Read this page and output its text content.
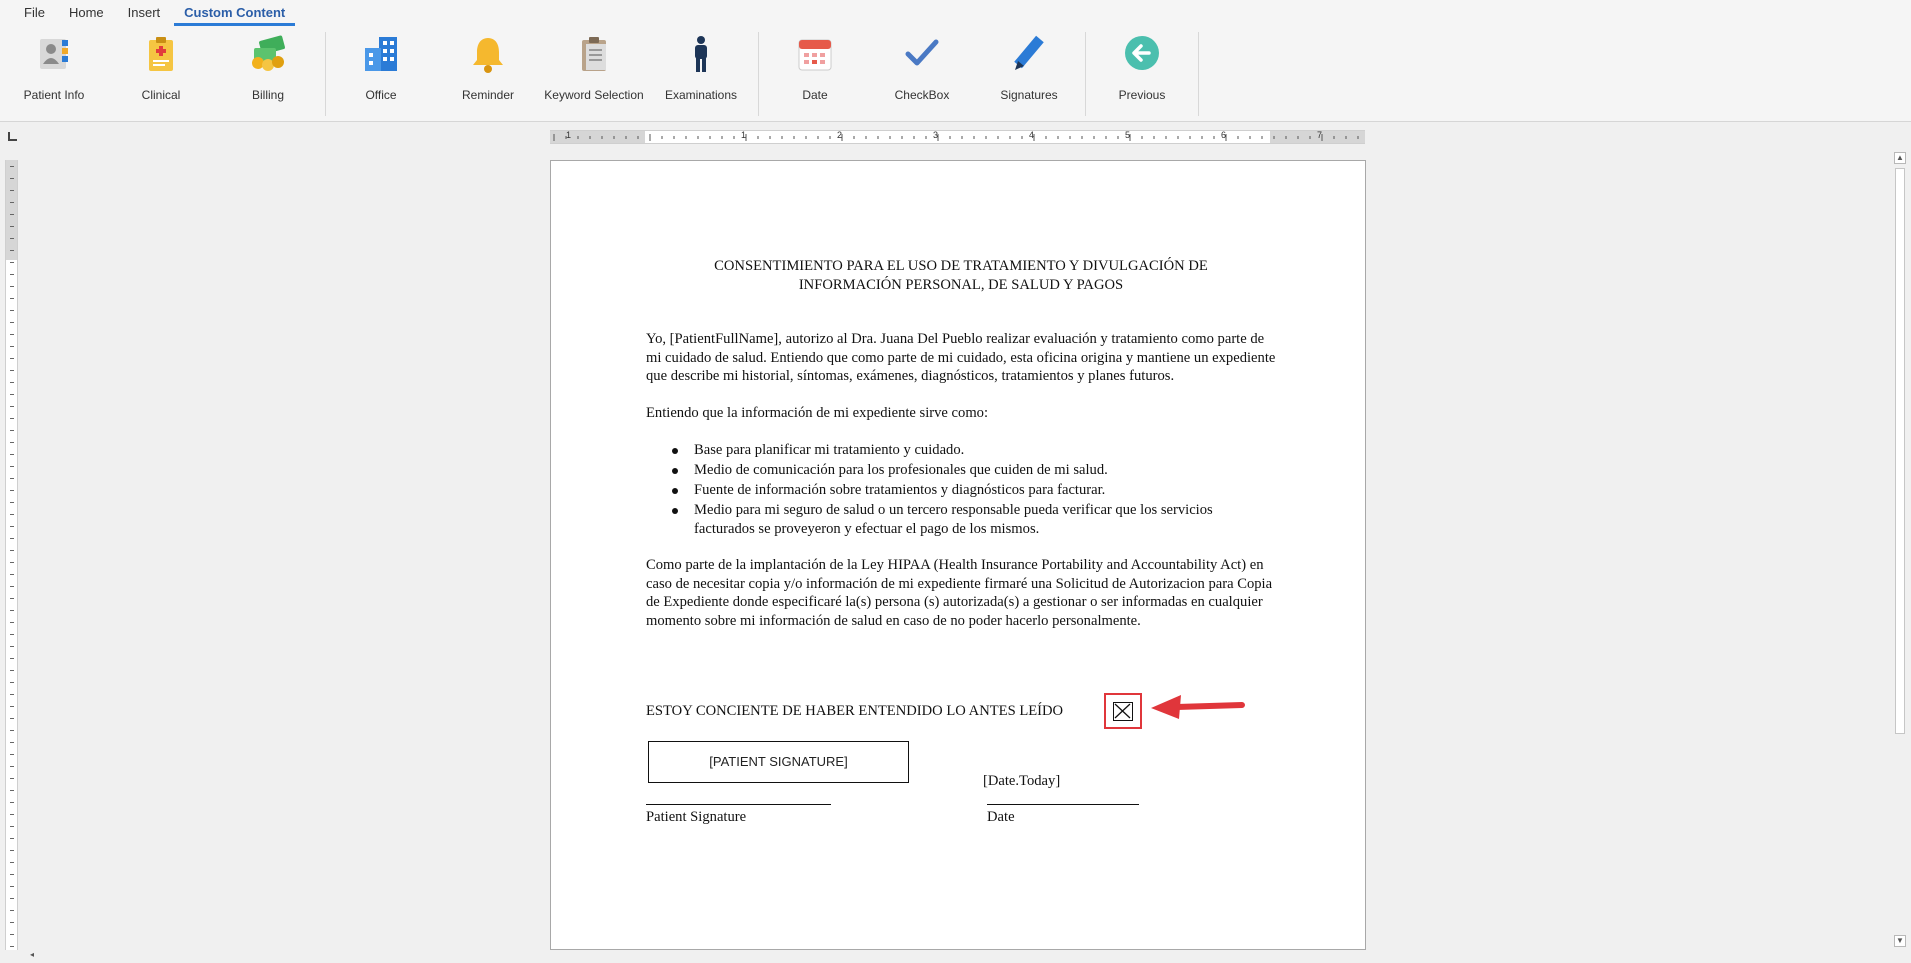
File	Home	Insert	Custom Content
Patient Info	Clinical	Billing	Office	Reminder	Keyword Selection	Examinations	Date	CheckBox	Signatures	Previous
1	1	2	3	4	5	6	7
CONSENTIMIENTO PARA EL USO DE TRATAMIENTO Y DIVULGACIÓN DE
INFORMACIÓN PERSONAL, DE SALUD Y PAGOS

Yo, [PatientFullName], autorizo al Dra. Juana Del Pueblo realizar evaluación y tratamiento como parte de mi cuidado de salud. Entiendo que como parte de mi cuidado, esta oficina origina y mantiene un expediente que describe mi historial, síntomas, exámenes, diagnósticos, tratamientos y planes futuros.

Entiendo que la información de mi expediente sirve como:

Base para planificar mi tratamiento y cuidado.
Medio de comunicación para los profesionales que cuiden de mi salud.
Fuente de información sobre tratamientos y diagnósticos para facturar.
Medio para mi seguro de salud o un tercero responsable pueda verificar que los servicios facturados se proveyeron y efectuar el pago de los mismos.

Como parte de la implantación de la Ley HIPAA (Health Insurance Portability and Accountability Act) en caso de necesitar copia y/o información de mi expediente firmaré una Solicitud de Autorizacion para Copia de Expediente donde especificaré la(s) persona (s) autorizada(s) a gestionar o ser informadas en cualquier momento sobre mi información de salud en caso de no poder hacerlo personalmente.

ESTOY CONCIENTE DE HABER ENTENDIDO LO ANTES LEÍDO
[PATIENT SIGNATURE]
[Date.Today]
Patient Signature	Date
▲
▼
◂
